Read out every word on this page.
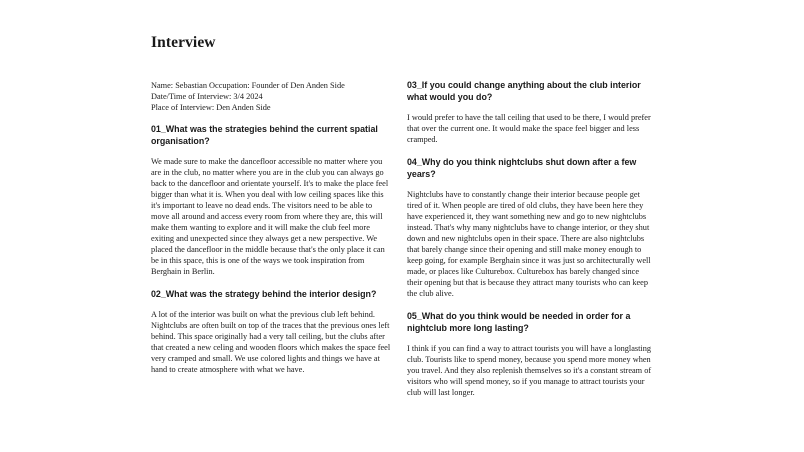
Interview
Name: Sebastian Occupation: Founder of Den Anden Side
Date/Time of Interview: 3/4 2024
Place of Interview: Den Anden Side

01_What was the strategies behind the current spatial organisation?

We made sure to make the dancefloor accessible no matter where you are in the club, no matter where you are in the club you can always go back to the dancefloor and orientate yourself. It's to make the place feel bigger than what it is. When you deal with low ceiling spaces like this it's important to leave no dead ends. The visitors need to be able to move all around and access every room from where they are, this will make them wanting to explore and it will make the club feel more exiting and unexpected since they always get a new perspective. We placed the dancefloor in the middle because that's the only place it can be in this space, this is one of the ways we took inspiration from Berghain in Berlin.

02_What was the strategy behind the interior design?

A lot of the interior was built on what the previous club left behind. Nightclubs are often built on top of the traces that the previous ones left behind. This space originally had a very tall ceiling, but the clubs after that created a new celing and wooden floors which makes the space feel very cramped and small. We use colored lights and things we have at hand to create atmosphere with what we have.

03_If you could change anything about the club interior what would you do?

I would prefer to have the tall ceiling that used to be there, I would prefer that over the current one. It would make the space feel bigger and less cramped.

04_Why do you think nightclubs shut down after a few years?

Nightclubs have to constantly change their interior because people get tired of it. When people are tired of old clubs, they have been here they have experienced it, they want something new and go to new nightclubs instead. That's why many nightclubs have to change interior, or they shut down and new nightclubs open in their space. There are also nightclubs that barely change since their opening and still make money enough to keep going, for example Berghain since it was just so architecturally well made, or places like Culturebox. Culturebox has barely changed since their opening but that is because they attract many tourists who can keep the club alive.

05_What do you think would be needed in order for a nightclub more long lasting?

I think if you can find a way to attract tourists you will have a longlasting club. Tourists like to spend money, because you spend more money when you travel. And they also replenish themselves so it's a constant stream of visitors who will spend money, so if you manage to attract tourists your club will last longer.
